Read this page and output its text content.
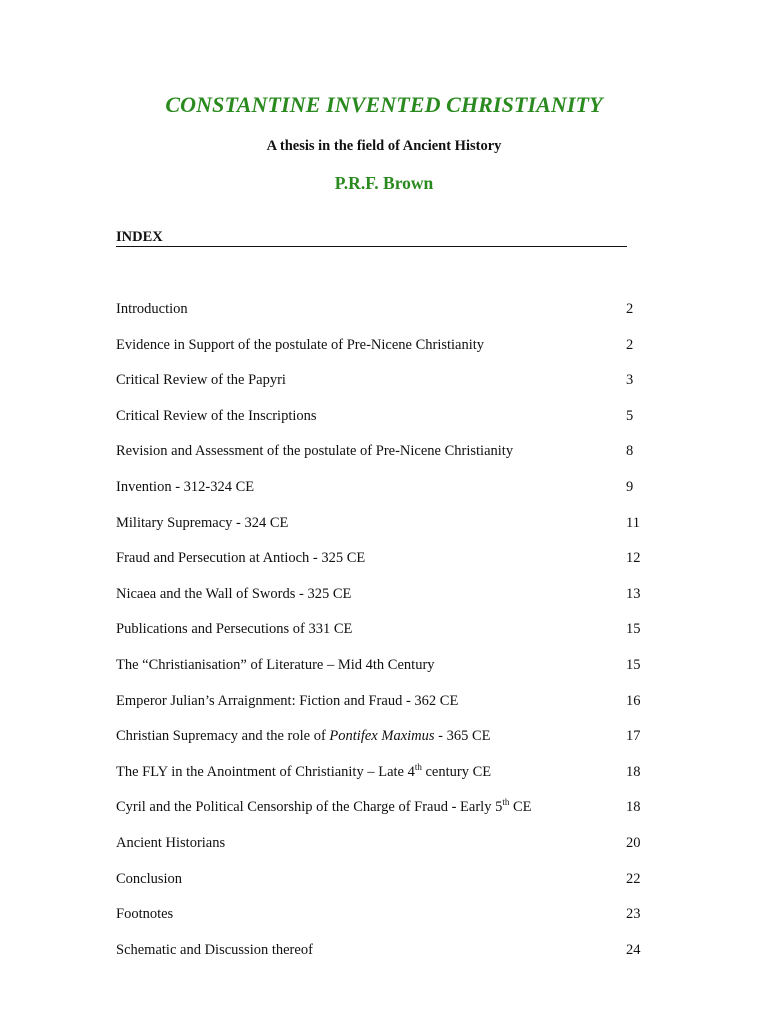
CONSTANTINE INVENTED CHRISTIANITY
A thesis in the field of Ancient History
P.R.F. Brown
INDEX
Introduction	2
Evidence in Support of the postulate of Pre-Nicene Christianity	2
Critical Review of the Papyri	3
Critical Review of the Inscriptions	5
Revision and Assessment of the postulate of Pre-Nicene Christianity	8
Invention - 312-324 CE	9
Military Supremacy - 324 CE	11
Fraud and Persecution at Antioch - 325 CE	12
Nicaea and the Wall of Swords - 325 CE	13
Publications and Persecutions of 331 CE	15
The “Christianisation” of Literature – Mid 4th Century	15
Emperor Julian’s Arraignment: Fiction and Fraud - 362 CE	16
Christian Supremacy and the role of Pontifex Maximus - 365 CE	17
The FLY in the Anointment of Christianity – Late 4th century CE	18
Cyril and the Political Censorship of the Charge of Fraud - Early 5th CE	18
Ancient Historians	20
Conclusion	22
Footnotes	23
Schematic and Discussion thereof	24
